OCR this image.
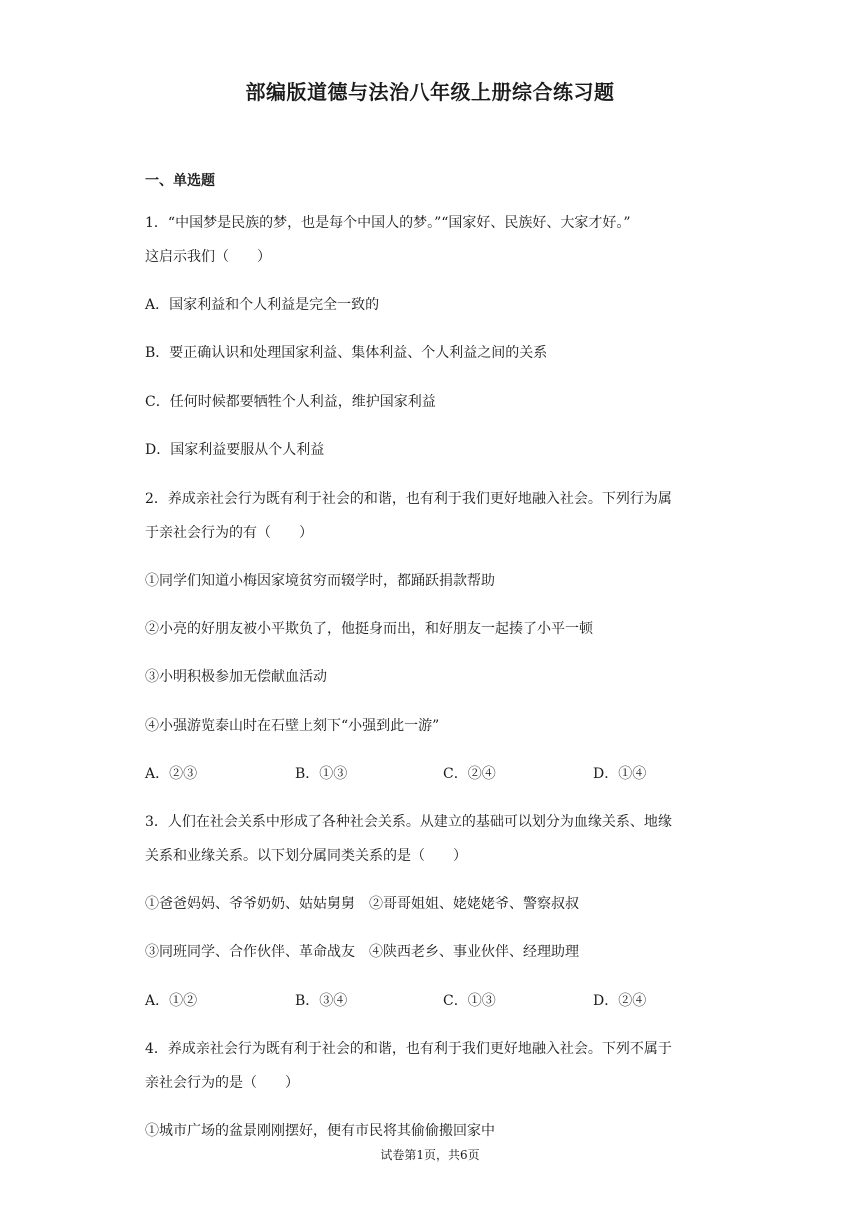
部编版道德与法治八年级上册综合练习题
一、单选题
1．“中国梦是民族的梦，也是每个中国人的梦。”“国家好、民族好、大家才好。”
这启示我们（　　）
A．国家利益和个人利益是完全一致的
B．要正确认识和处理国家利益、集体利益、个人利益之间的关系
C．任何时候都要牺牲个人利益，维护国家利益
D．国家利益要服从个人利益
2．养成亲社会行为既有利于社会的和谐，也有利于我们更好地融入社会。下列行为属
于亲社会行为的有（　　）
①同学们知道小梅因家境贫穷而辍学时，都踊跃捐款帮助
②小亮的好朋友被小平欺负了，他挺身而出，和好朋友一起揍了小平一顿
③小明积极参加无偿献血活动
④小强游览泰山时在石壁上刻下“小强到此一游”
A．②③	B．①③	C．②④	D．①④
3．人们在社会关系中形成了各种社会关系。从建立的基础可以划分为血缘关系、地缘
关系和业缘关系。以下划分属同类关系的是（　　）
①爸爸妈妈、爷爷奶奶、姑姑舅舅　②哥哥姐姐、姥姥姥爷、警察叔叔
③同班同学、合作伙伴、革命战友　④陕西老乡、事业伙伴、经理助理
A．①②	B．③④	C．①③	D．②④
4．养成亲社会行为既有利于社会的和谐，也有利于我们更好地融入社会。下列不属于
亲社会行为的是（　　）
①城市广场的盆景刚刚摆好，便有市民将其偷偷搬回家中
试卷第1页，共6页
